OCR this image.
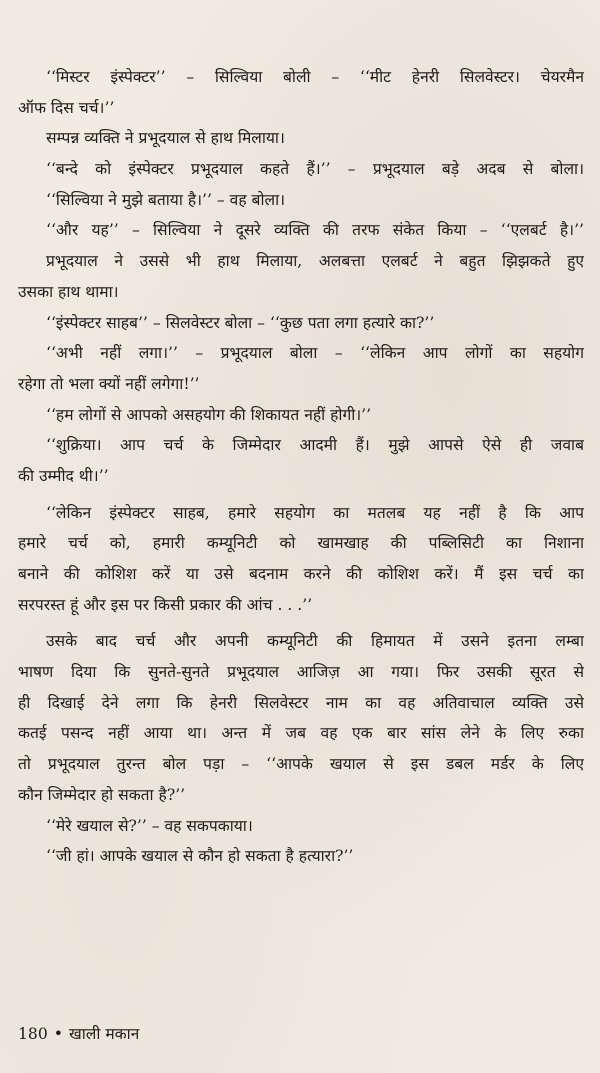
‘‘मिस्टर इंस्पेक्टर’’ – सिल्विया बोली – ‘‘मीट हेनरी सिलवेस्टर। चेयरमैन
ऑफ दिस चर्च।’’
सम्पन्न व्यक्ति ने प्रभूदयाल से हाथ मिलाया।
‘‘बन्दे को इंस्पेक्टर प्रभूदयाल कहते हैं।’’ – प्रभूदयाल बड़े अदब से बोला।
‘‘सिल्विया ने मुझे बताया है।’’ – वह बोला।
‘‘और यह’’ – सिल्विया ने दूसरे व्यक्ति की तरफ संकेत किया – ‘‘एलबर्ट है।’’
प्रभूदयाल ने उससे भी हाथ मिलाया, अलबत्ता एलबर्ट ने बहुत झिझकते हुए
उसका हाथ थामा।
‘‘इंस्पेक्टर साहब’’ – सिलवेस्टर बोला – ‘‘कुछ पता लगा हत्यारे का?’’
‘‘अभी नहीं लगा।’’ – प्रभूदयाल बोला – ‘‘लेकिन आप लोगों का सहयोग
रहेगा तो भला क्यों नहीं लगेगा!’’
‘‘हम लोगों से आपको असहयोग की शिकायत नहीं होगी।’’
‘‘शुक्रिया। आप चर्च के जिम्मेदार आदमी हैं। मुझे आपसे ऐसे ही जवाब
की उम्मीद थी।’’
‘‘लेकिन इंस्पेक्टर साहब, हमारे सहयोग का मतलब यह नहीं है कि आप
हमारे चर्च को, हमारी कम्यूनिटी को खामखाह की पब्लिसिटी का निशाना
बनाने की कोशिश करें या उसे बदनाम करने की कोशिश करें। मैं इस चर्च का
सरपरस्त हूं और इस पर किसी प्रकार की आंच . . .’’
उसके बाद चर्च और अपनी कम्यूनिटी की हिमायत में उसने इतना लम्बा
भाषण दिया कि सुनते-सुनते प्रभूदयाल आजिज़ आ गया। फिर उसकी सूरत से
ही दिखाई देने लगा कि हेनरी सिलवेस्टर नाम का वह अतिवाचाल व्यक्ति उसे
कतई पसन्द नहीं आया था। अन्त में जब वह एक बार सांस लेने के लिए रुका
तो प्रभूदयाल तुरन्त बोल पड़ा – ‘‘आपके खयाल से इस डबल मर्डर के लिए
कौन जिम्मेदार हो सकता है?’’
‘‘मेरे खयाल से?’’ – वह सकपकाया।
‘‘जी हां। आपके खयाल से कौन हो सकता है हत्यारा?’’
180 • खाली मकान
